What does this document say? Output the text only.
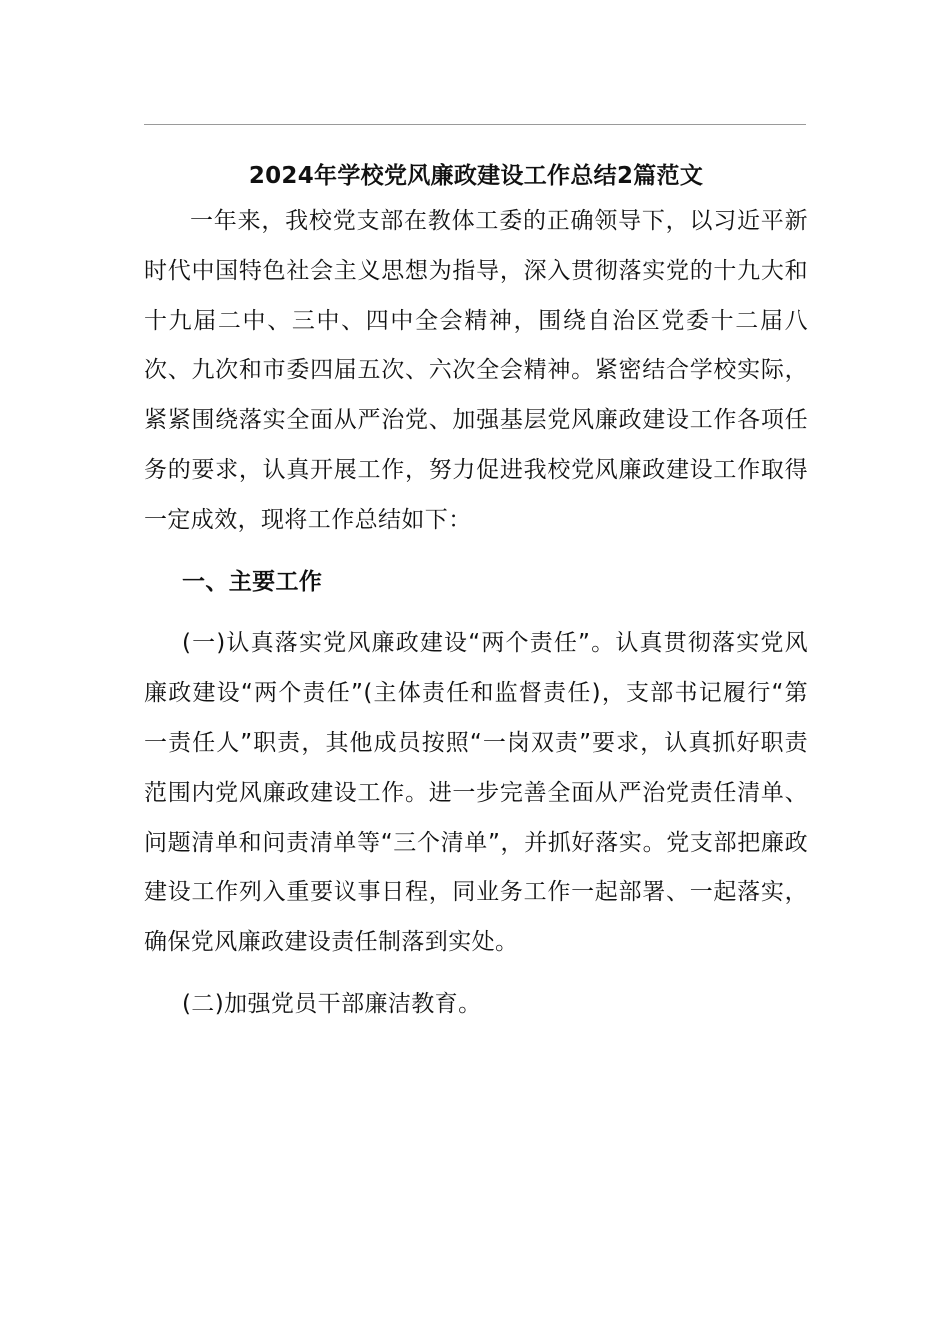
2024年学校党风廉政建设工作总结2篇范文

一年来，我校党支部在教体工委的正确领导下，以习近平新时代中国特色社会主义思想为指导，深入贯彻落实党的十九大和十九届二中、三中、四中全会精神，围绕自治区党委十二届八次、九次和市委四届五次、六次全会精神。紧密结合学校实际，紧紧围绕落实全面从严治党、加强基层党风廉政建设工作各项任务的要求，认真开展工作，努力促进我校党风廉政建设工作取得一定成效，现将工作总结如下：

一、主要工作

(一)认真落实党风廉政建设“两个责任”。认真贯彻落实党风廉政建设“两个责任”(主体责任和监督责任)，支部书记履行“第一责任人”职责，其他成员按照“一岗双责”要求，认真抓好职责范围内党风廉政建设工作。进一步完善全面从严治党责任清单、问题清单和问责清单等“三个清单”，并抓好落实。党支部把廉政建设工作列入重要议事日程，同业务工作一起部署、一起落实，确保党风廉政建设责任制落到实处。

(二)加强党员干部廉洁教育。
